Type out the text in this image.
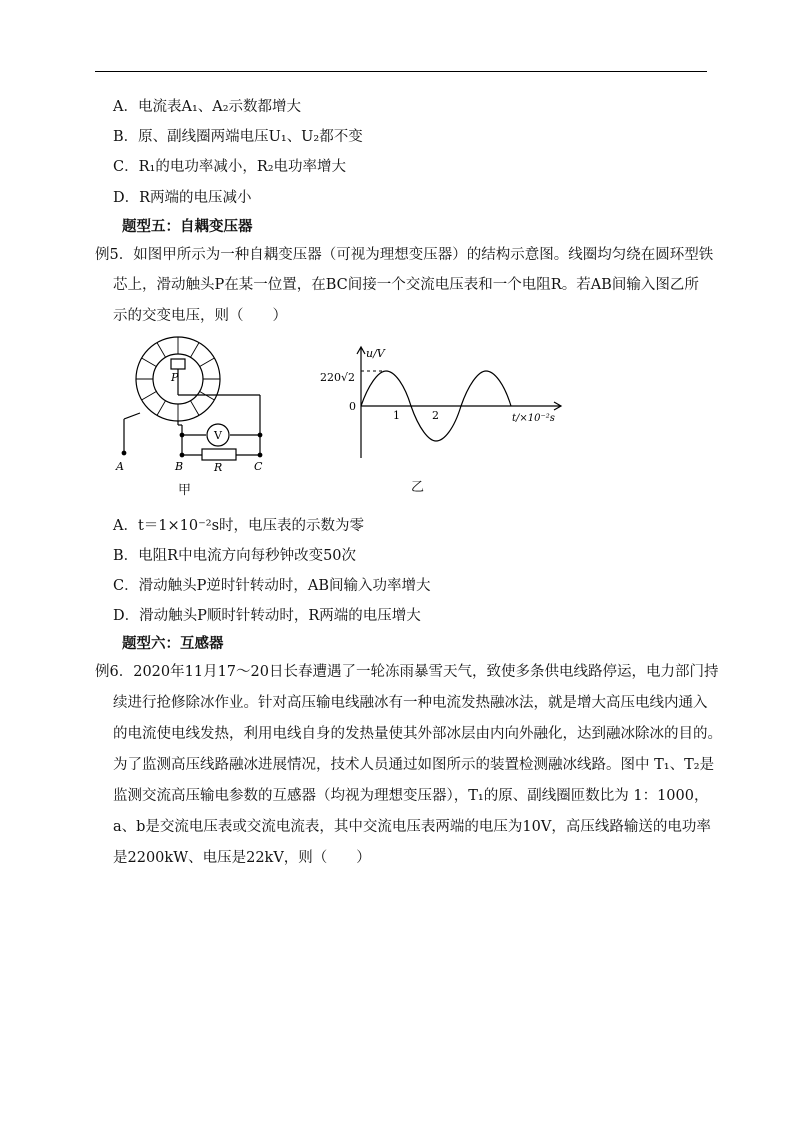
A．电流表A₁、A₂示数都增大
B．原、副线圈两端电压U₁、U₂都不变
C．R₁的电功率减小，R₂电功率增大
D．R两端的电压减小
题型五：自耦变压器
例5．如图甲所示为一种自耦变压器（可视为理想变压器）的结构示意图。线圈均匀绕在圆环型铁
芯上，滑动触头P在某一位置，在BC间接一个交流电压表和一个电阻R。若AB间输入图乙所
示的交变电压，则（　　）
P
V
A	B	C
R
甲
u/V
220√2
0
1	2	t/×10⁻²s
乙
A．t＝1×10⁻²s时，电压表的示数为零
B．电阻R中电流方向每秒钟改变50次
C．滑动触头P逆时针转动时，AB间输入功率增大
D．滑动触头P顺时针转动时，R两端的电压增大
题型六：互感器
例6．2020年11月17～20日长春遭遇了一轮冻雨暴雪天气，致使多条供电线路停运，电力部门持
续进行抢修除冰作业。针对高压输电线融冰有一种电流发热融冰法，就是增大高压电线内通入
的电流使电线发热，利用电线自身的发热量使其外部冰层由内向外融化，达到融冰除冰的目的。
为了监测高压线路融冰进展情况，技术人员通过如图所示的装置检测融冰线路。图中 T₁、T₂是
监测交流高压输电参数的互感器（均视为理想变压器），T₁的原、副线圈匝数比为 1：1000，
a、b是交流电压表或交流电流表，其中交流电压表两端的电压为10V，高压线路输送的电功率
是2200kW、电压是22kV，则（　　）
